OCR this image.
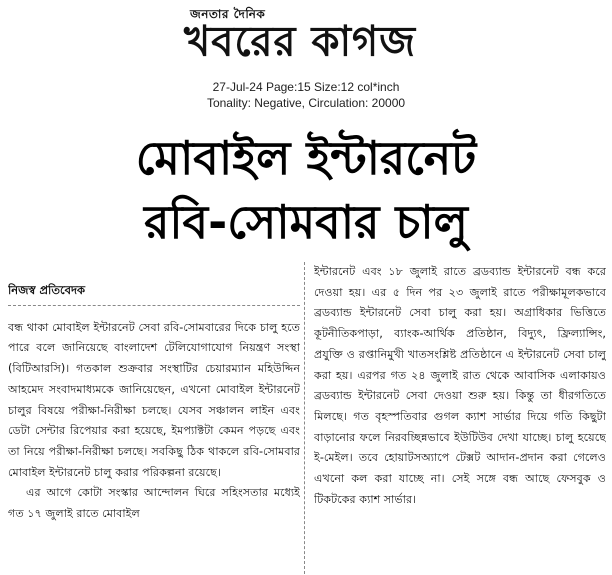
জনতার দৈনিক
খবরের কাগজ
27-Jul-24 Page:15 Size:12 col*inch
Tonality: Negative, Circulation: 20000
মোবাইল ইন্টারনেট
রবি-সোমবার চালু
নিজস্ব প্রতিবেদক
বন্ধ থাকা মোবাইল ইন্টারনেট সেবা রবি-সোমবারের দিকে চালু হতে পারে বলে জানিয়েছে বাংলাদেশ টেলিযোগাযোগ নিয়ন্ত্রণ সংস্থা (বিটিআরসি)। গতকাল শুক্রবার সংস্থাটির চেয়ারম্যান মহিউদ্দিন আহমেদ সংবাদমাধ্যমকে জানিয়েছেন, এখনো মোবাইল ইন্টারনেট চালুর বিষয়ে পরীক্ষা-নিরীক্ষা চলছে। যেসব সঞ্চালন লাইন এবং ডেটা সেন্টার রিপেয়ার করা হয়েছে, ইমপ্যাক্টটা কেমন পড়ছে এবং তা নিয়ে পরীক্ষা-নিরীক্ষা চলছে। সবকিছু ঠিক থাকলে রবি-সোমবার মোবাইল ইন্টারনেট চালু করার পরিকল্পনা রয়েছে।
এর আগে কোটা সংস্কার আন্দোলন ঘিরে সহিংসতার মধ্যেই গত ১৭ জুলাই রাতে মোবাইল
ইন্টারনেট এবং ১৮ জুলাই রাতে ব্রডব্যান্ড ইন্টারনেট বন্ধ করে দেওয়া হয়। এর ৫ দিন পর ২৩ জুলাই রাতে পরীক্ষামূলকভাবে ব্রডব্যান্ড ইন্টারনেট সেবা চালু করা হয়। অগ্রাধিকার ভিত্তিতে কূটনীতিকপাড়া, ব্যাংক-আর্থিক প্রতিষ্ঠান, বিদ্যুৎ, ফ্রিল্যান্সিং, প্রযুক্তি ও রপ্তানিমুখী খাতসংশ্লিষ্ট প্রতিষ্ঠানে এ ইন্টারনেট সেবা চালু করা হয়। এরপর গত ২৪ জুলাই রাত থেকে আবাসিক এলাকায়ও ব্রডব্যান্ড ইন্টারনেট সেবা দেওয়া শুরু হয়। কিন্তু তা ধীরগতিতে মিলছে। গত বৃহস্পতিবার গুগল ক্যাশ সার্ভার দিয়ে গতি কিছুটা বাড়ানোর ফলে নিরবচ্ছিন্নভাবে ইউটিউব দেখা যাচ্ছে। চালু হয়েছে ই-মেইল। তবে হোয়াটসঅ্যাপে টেক্সট আদান-প্রদান করা গেলেও এখনো কল করা যাচ্ছে না। সেই সঙ্গে বন্ধ আছে ফেসবুক ও টিকটকের ক্যাশ সার্ভার।
